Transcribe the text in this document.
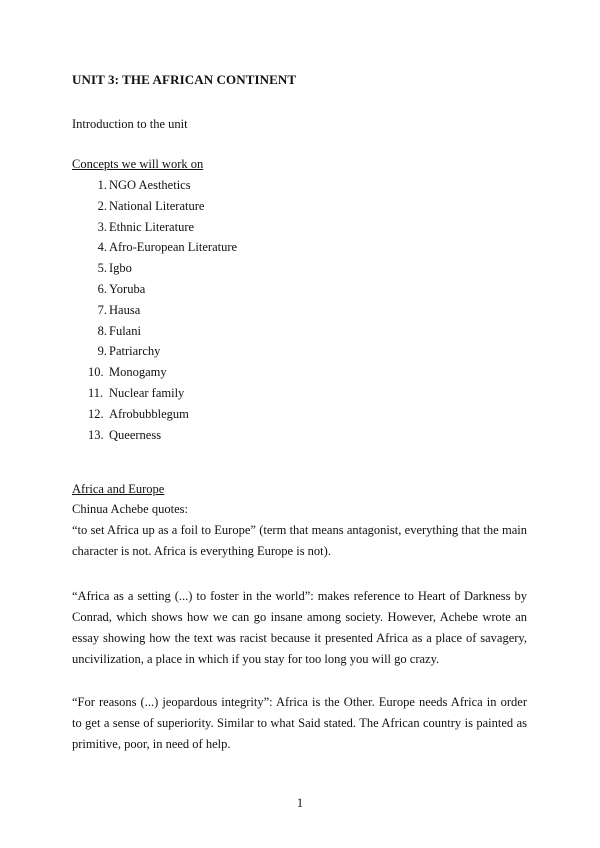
UNIT 3: THE AFRICAN CONTINENT
Introduction to the unit
Concepts we will work on
1. NGO Aesthetics
2. National Literature
3. Ethnic Literature
4. Afro-European Literature
5. Igbo
6. Yoruba
7. Hausa
8. Fulani
9. Patriarchy
10. Monogamy
11. Nuclear family
12. Afrobubblegum
13. Queerness
Africa and Europe
Chinua Achebe quotes:
“to set Africa up as a foil to Europe” (term that means antagonist, everything that the main character is not. Africa is everything Europe is not).
“Africa as a setting (...) to foster in the world”: makes reference to Heart of Darkness by Conrad, which shows how we can go insane among society. However, Achebe wrote an essay showing how the text was racist because it presented Africa as a place of savagery, uncivilization, a place in which if you stay for too long you will go crazy.
“For reasons (...) jeopardous integrity”: Africa is the Other. Europe needs Africa in order to get a sense of superiority. Similar to what Said stated. The African country is painted as primitive, poor, in need of help.
1
